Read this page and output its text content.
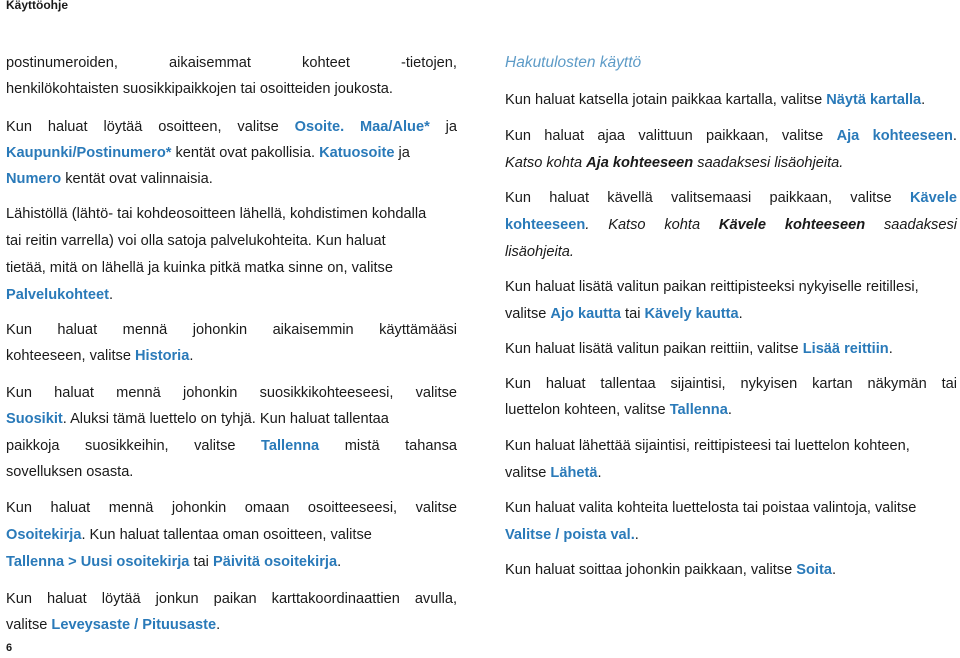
Käyttöohje
postinumeroiden,	aikaisemmat	kohteet	-tietojen,
henkilökohtaisten suosikkipaikkojen tai osoitteiden joukosta.
Kun haluat löytää osoitteen, valitse Osoite. Maa/Alue* ja
Kaupunki/Postinumero* kentät ovat pakollisia. Katuosoite ja
Numero kentät ovat valinnaisia.
Lähistöllä (lähtö- tai kohdeosoitteen lähellä, kohdistimen kohdalla
tai reitin varrella) voi olla satoja palvelukohteita. Kun haluat
tietää, mitä on lähellä ja kuinka pitkä matka sinne on, valitse
Palvelukohteet.
Kun haluat mennä johonkin aikaisemmin käyttämääsi
kohteeseen, valitse Historia.
Kun haluat mennä johonkin suosikkikohteeseesi, valitse
Suosikit. Aluksi tämä luettelo on tyhjä. Kun haluat tallentaa
paikkoja suosikkeihin, valitse Tallenna mistä tahansa
sovelluksen osasta.
Kun haluat mennä johonkin omaan osoitteeseesi, valitse
Osoitekirja. Kun haluat tallentaa oman osoitteen, valitse
Tallenna > Uusi osoitekirja tai Päivitä osoitekirja.
Kun haluat löytää jonkun paikan karttakoordinaattien avulla,
valitse Leveysaste / Pituusaste.
6
Hakutulosten käyttö
Kun haluat katsella jotain paikkaa kartalla, valitse Näytä kartalla.
Kun haluat ajaa valittuun paikkaan, valitse Aja kohteeseen.
Katso kohta Aja kohteeseen saadaksesi lisäohjeita.
Kun haluat kävellä valitsemaasi paikkaan, valitse Kävele
kohteeseen. Katso kohta Kävele kohteeseen saadaksesi
lisäohjeita.
Kun haluat lisätä valitun paikan reittipisteeksi nykyiselle reitillesi,
valitse Ajo kautta tai Kävely kautta.
Kun haluat lisätä valitun paikan reittiin, valitse Lisää reittiin.
Kun haluat tallentaa sijaintisi, nykyisen kartan näkymän tai
luettelon kohteen, valitse Tallenna.
Kun haluat lähettää sijaintisi, reittipisteesi tai luettelon kohteen,
valitse Lähetä.
Kun haluat valita kohteita luettelosta tai poistaa valintoja, valitse
Valitse / poista val..
Kun haluat soittaa johonkin paikkaan, valitse Soita.
